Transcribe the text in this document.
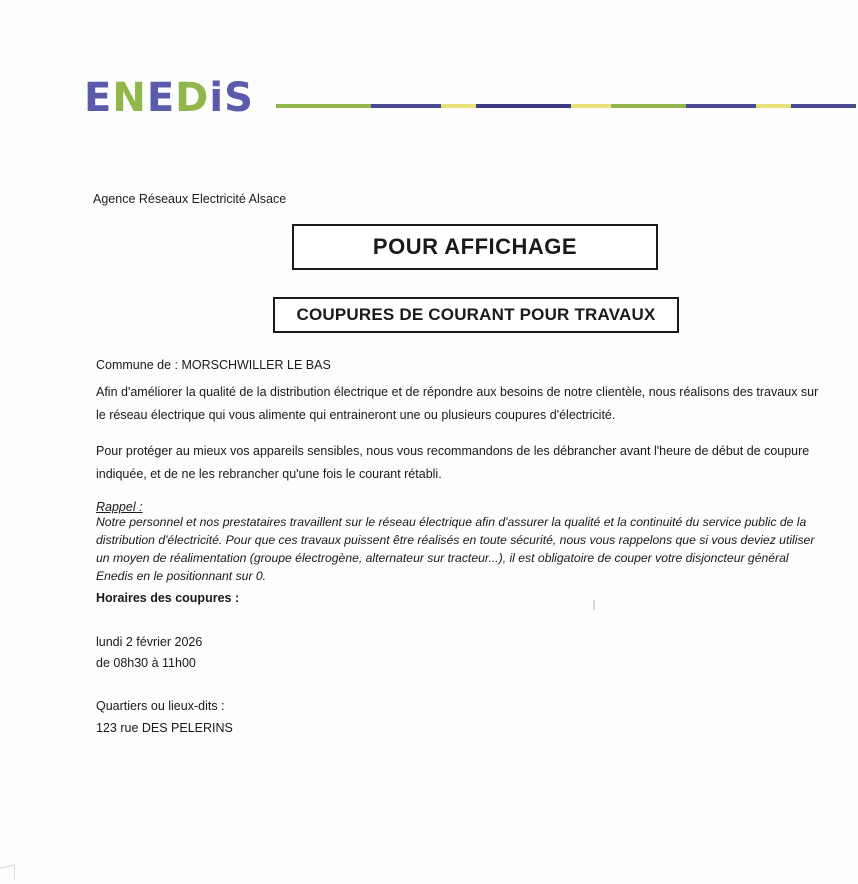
ENEDiS
Agence Réseaux Electricité Alsace
POUR AFFICHAGE
COUPURES DE COURANT POUR TRAVAUX
Commune de : MORSCHWILLER LE BAS
Afin d'améliorer la qualité de la distribution électrique et de répondre aux besoins de notre clientèle, nous réalisons des travaux sur le réseau électrique qui vous alimente qui entraineront une ou plusieurs coupures d'électricité.
Pour protéger au mieux vos appareils sensibles, nous vous recommandons de les débrancher avant l'heure de début de coupure indiquée, et de ne les rebrancher qu'une fois le courant rétabli.
Rappel :
Notre personnel et nos prestataires travaillent sur le réseau électrique afin d'assurer la qualité et la continuité du service public de la distribution d'électricité. Pour que ces travaux puissent être réalisés en toute sécurité, nous vous rappelons que si vous deviez utiliser un moyen de réalimentation (groupe électrogène, alternateur sur tracteur...), il est obligatoire de couper votre disjoncteur général Enedis en le positionnant sur 0.
Horaires des coupures :
lundi 2 février 2026
de 08h30 à 11h00
Quartiers ou lieux-dits :
123 rue DES PELERINS
